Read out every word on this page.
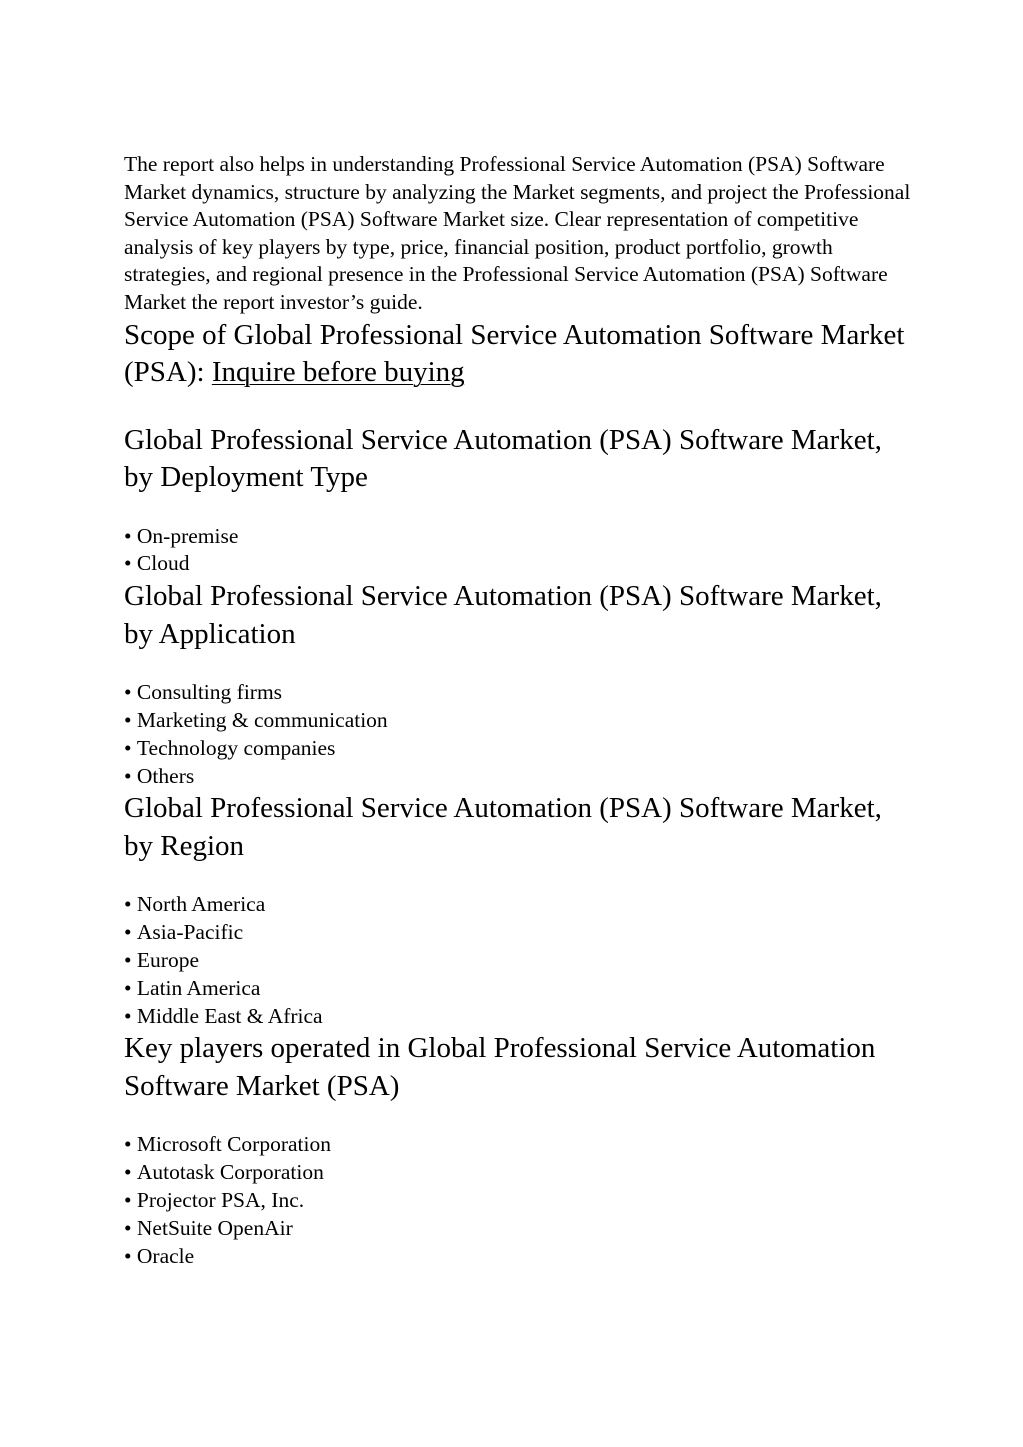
The report also helps in understanding Professional Service Automation (PSA) Software Market dynamics, structure by analyzing the Market segments, and project the Professional Service Automation (PSA) Software Market size. Clear representation of competitive analysis of key players by type, price, financial position, product portfolio, growth strategies, and regional presence in the Professional Service Automation (PSA) Software Market the report investor’s guide.

Scope of Global Professional Service Automation Software Market (PSA): Inquire before buying
Global Professional Service Automation (PSA) Software Market, by Deployment Type
• On-premise
• Cloud
Global Professional Service Automation (PSA) Software Market, by Application
• Consulting firms
• Marketing & communication
• Technology companies
• Others
Global Professional Service Automation (PSA) Software Market, by Region
• North America
• Asia-Pacific
• Europe
• Latin America
• Middle East & Africa
Key players operated in Global Professional Service Automation Software Market (PSA)
• Microsoft Corporation
• Autotask Corporation
• Projector PSA, Inc.
• NetSuite OpenAir
• Oracle
